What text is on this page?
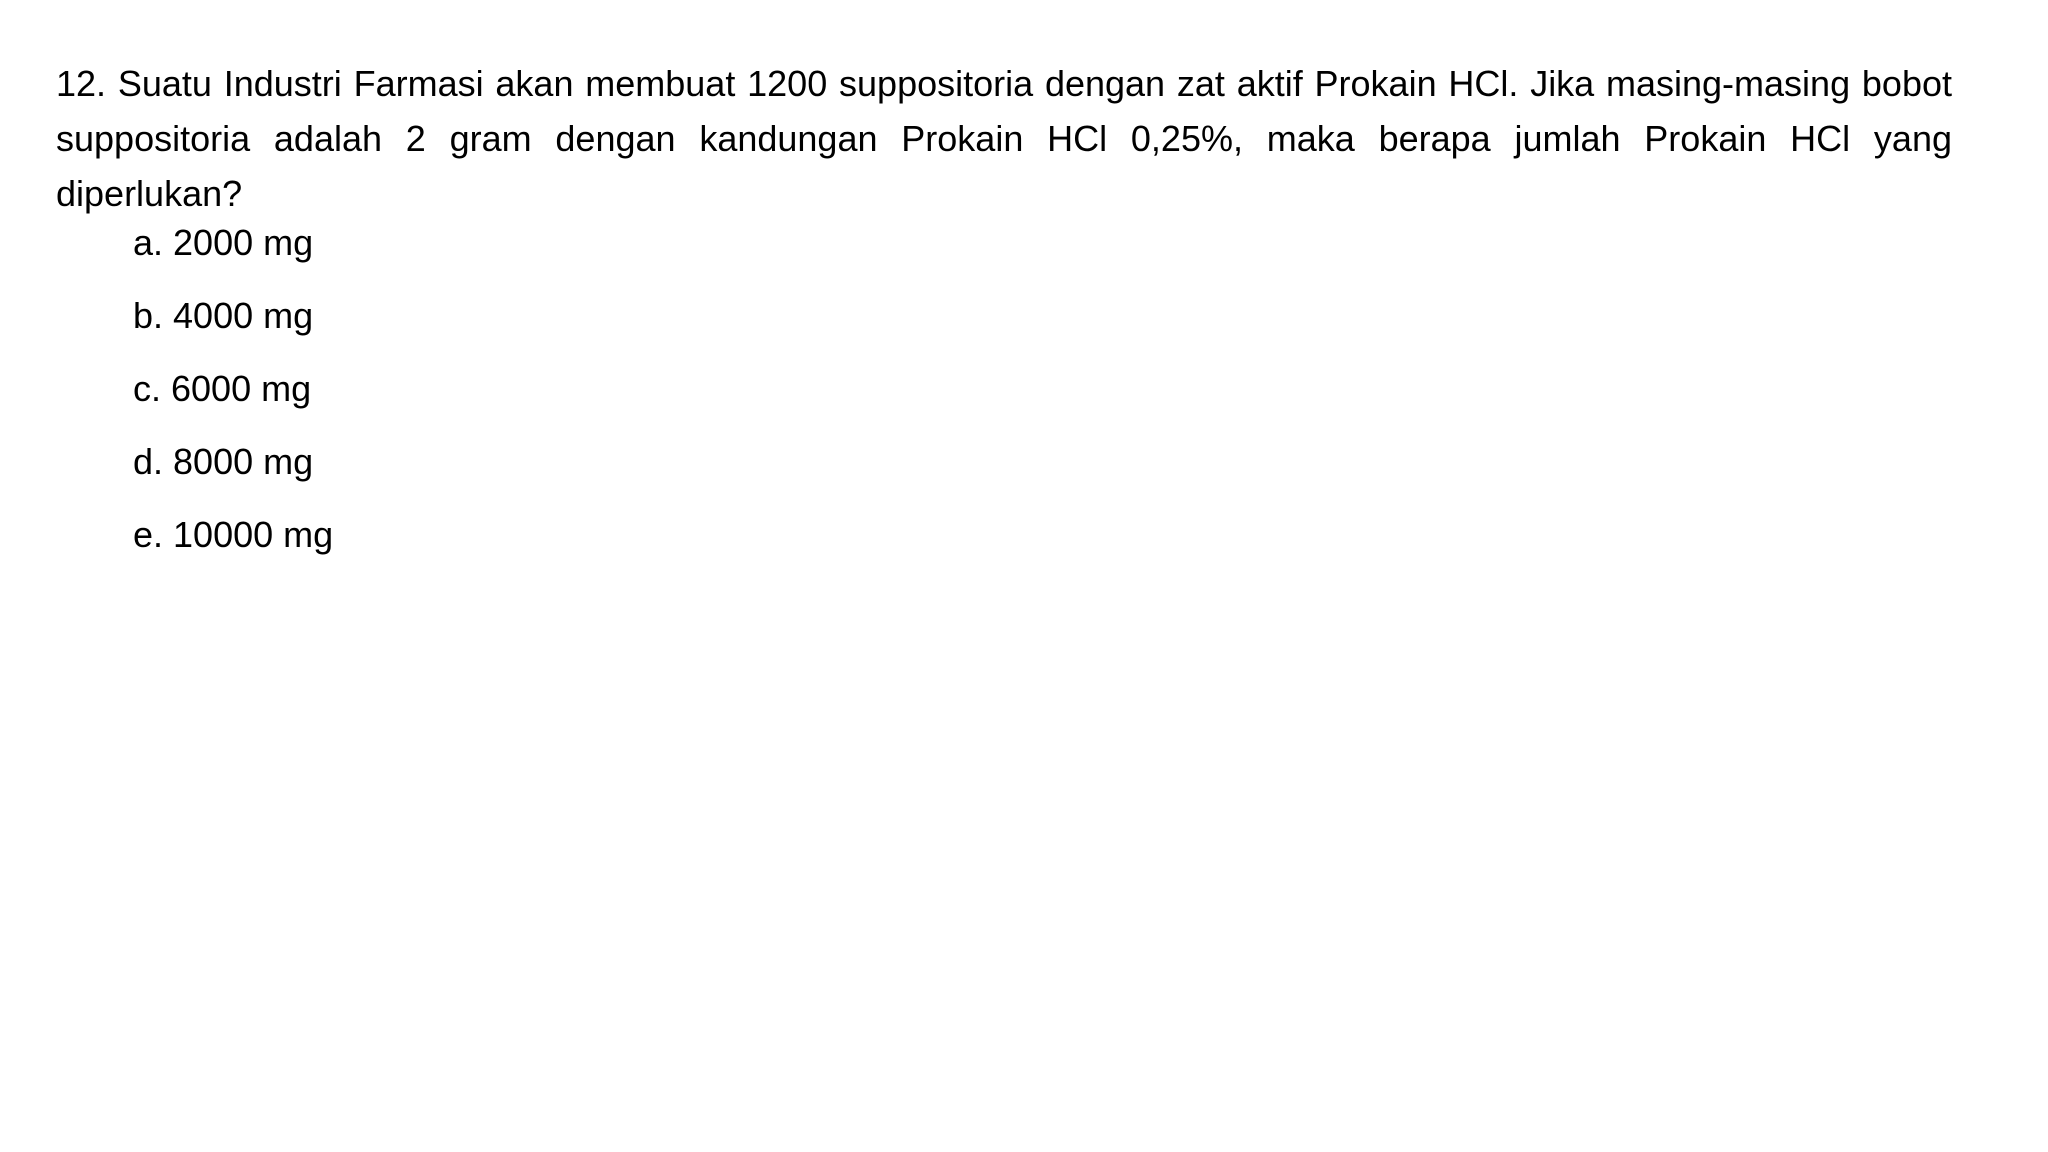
12. Suatu Industri Farmasi akan membuat 1200 suppositoria dengan zat aktif Prokain HCl. Jika masing-masing bobot suppositoria adalah 2 gram dengan kandungan Prokain HCl 0,25%, maka berapa jumlah Prokain HCl yang diperlukan?

a. 2000 mg
b. 4000 mg
c. 6000 mg
d. 8000 mg
e. 10000 mg
